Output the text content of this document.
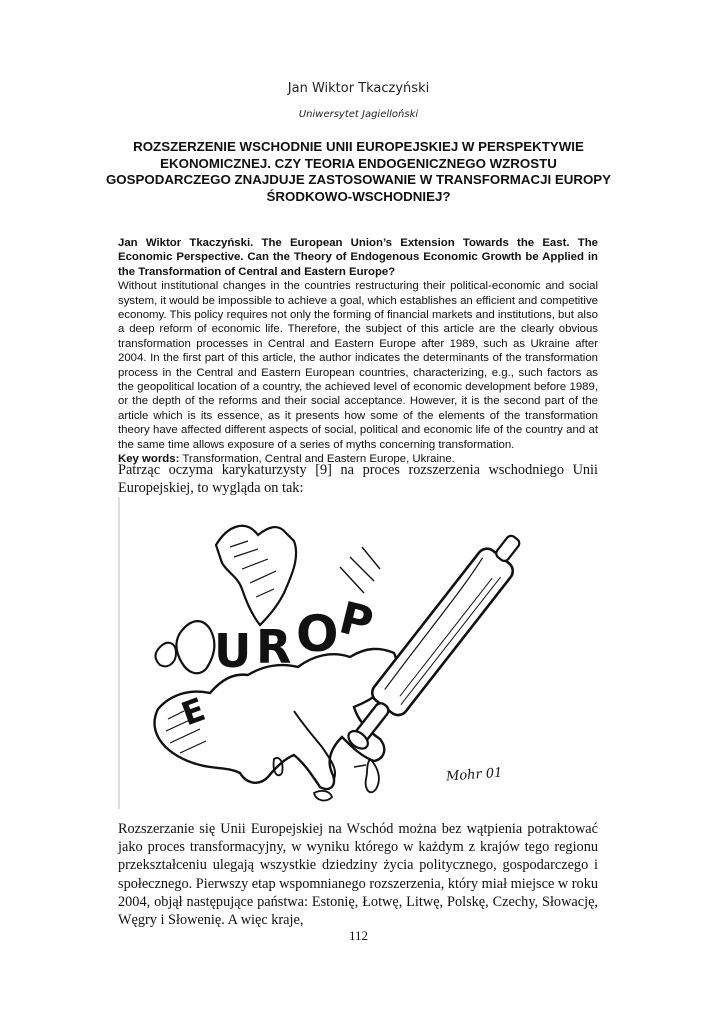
Jan Wiktor Tkaczyński
Uniwersytet Jagielloński
ROZSZERZENIE WSCHODNIE UNII EUROPEJSKIEJ W PERSPEKTYWIE EKONOMICZNEJ. CZY TEORIA ENDOGENICZNEGO WZROSTU GOSPODARCZEGO ZNAJDUJE ZASTOSOWANIE W TRANSFORMACJI EUROPY ŚRODKOWO-WSCHODNIEJ?

Jan Wiktor Tkaczyński. The European Union’s Extension Towards the East. The Economic Perspective. Can the Theory of Endogenous Economic Growth be Applied in the Transformation of Central and Eastern Europe?

Without institutional changes in the countries restructuring their political-economic and social system, it would be impossible to achieve a goal, which establishes an efficient and competitive economy. This policy requires not only the forming of financial markets and institutions, but also a deep reform of economic life. Therefore, the subject of this article are the clearly obvious transformation processes in Central and Eastern Europe after 1989, such as Ukraine after 2004. In the first part of this article, the author indicates the determinants of the transformation process in the Central and Eastern European countries, characterizing, e.g., such factors as the geopolitical location of a country, the achieved level of economic development before 1989, or the depth of the reforms and their social acceptance. However, it is the second part of the article which is its essence, as it presents how some of the elements of the transformation theory have affected different aspects of social, political and economic life of the country and at the same time allows exposure of a series of myths concerning transformation.

Key words: Transformation, Central and Eastern Europe, Ukraine.

Patrząc oczyma karykaturzysty [9] na proces rozszerzenia wschodniego Unii Europejskiej, to wygląda on tak:

E
U R O
P
Mohr 01

Rozszerzanie się Unii Europejskiej na Wschód można bez wątpienia potraktować jako proces transformacyjny, w wyniku którego w każdym z krajów tego regionu przekształceniu ulegają wszystkie dziedziny życia politycznego, gospodarczego i społecznego. Pierwszy etap wspomnianego rozszerzenia, który miał miejsce w roku 2004, objął następujące państwa: Estonię, Łotwę, Litwę, Polskę, Czechy, Słowację, Węgry i Słowenię. A więc kraje,

112
